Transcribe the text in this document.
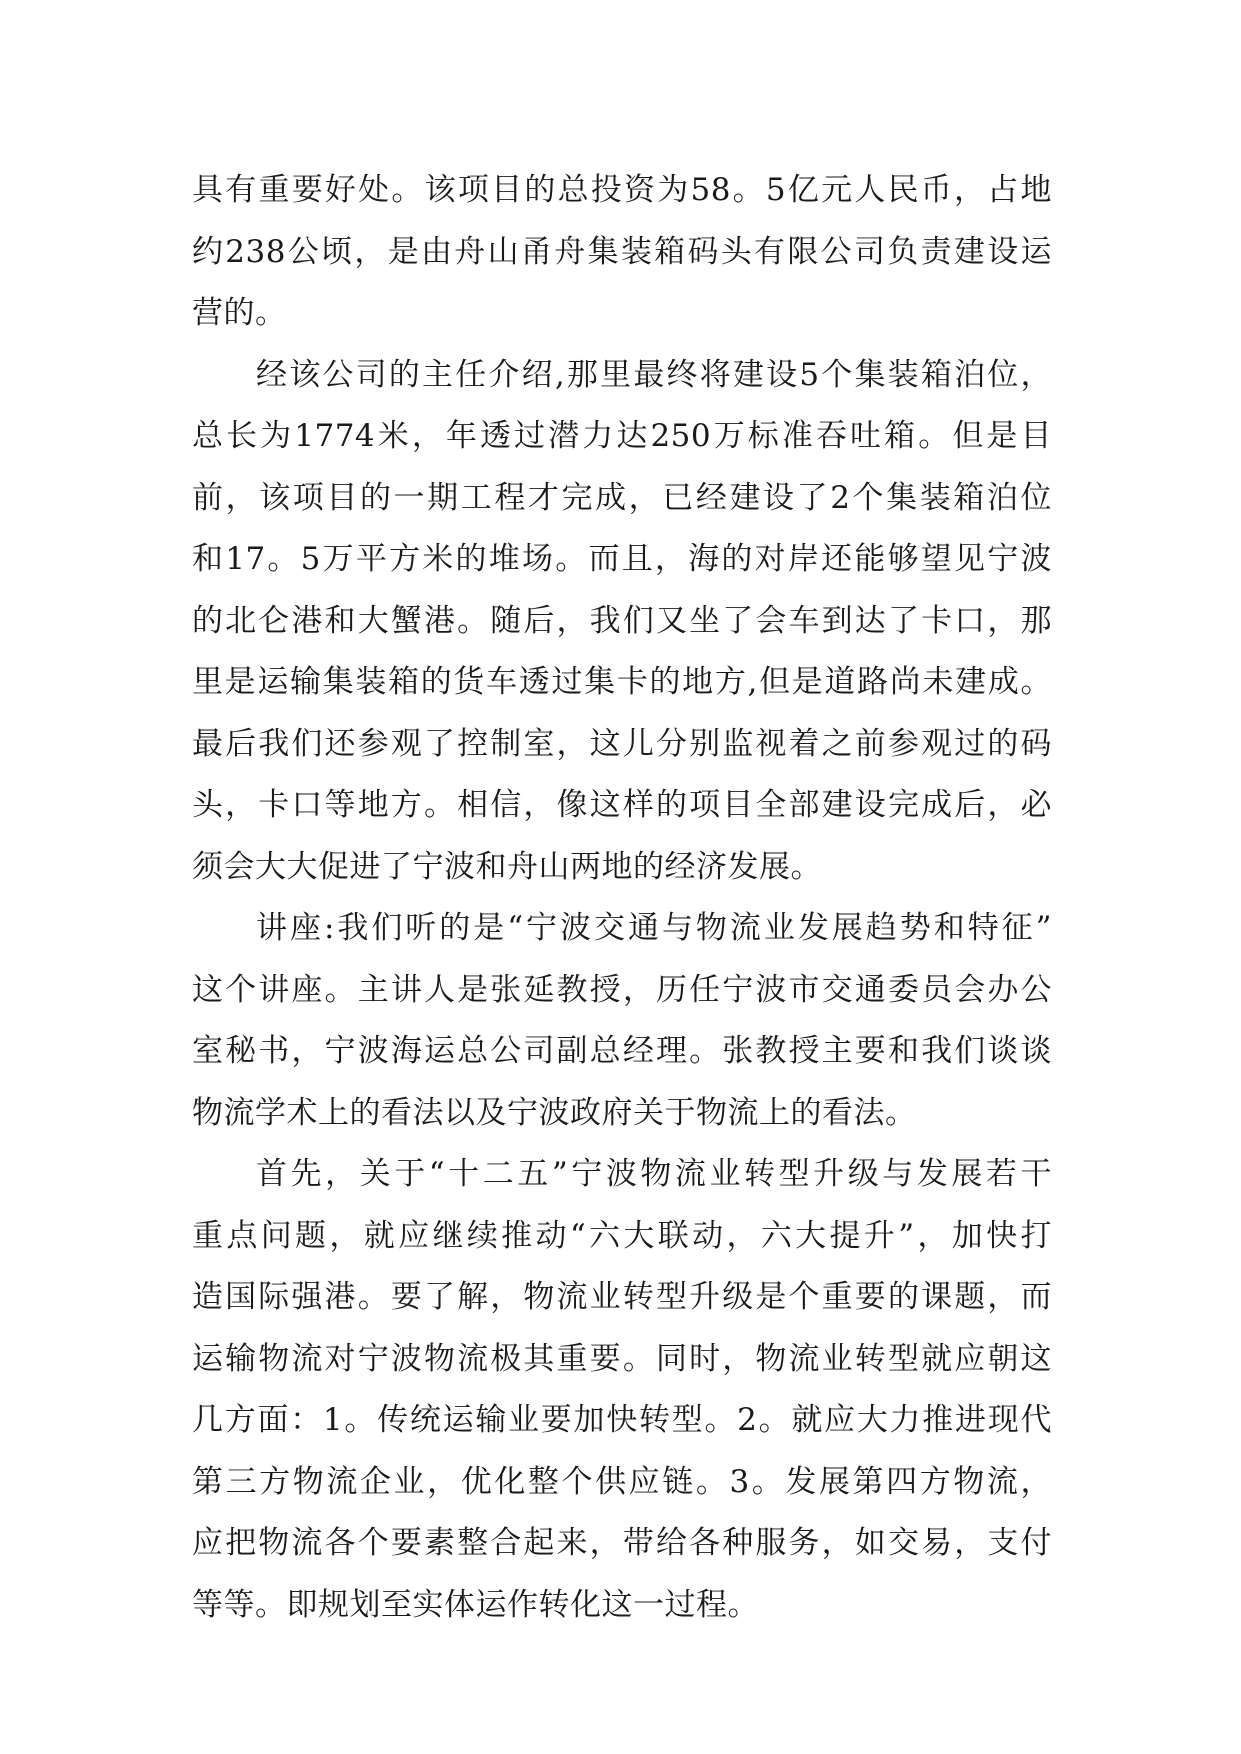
具有重要好处。该项目的总投资为58。5亿元人民币，占地
约238公顷，是由舟山甬舟集装箱码头有限公司负责建设运
营的。
经该公司的主任介绍,那里最终将建设5个集装箱泊位，
总长为1774米，年透过潜力达250万标准吞吐箱。但是目
前，该项目的一期工程才完成，已经建设了2个集装箱泊位
和17。5万平方米的堆场。而且，海的对岸还能够望见宁波
的北仑港和大蟹港。随后，我们又坐了会车到达了卡口，那
里是运输集装箱的货车透过集卡的地方,但是道路尚未建成。
最后我们还参观了控制室，这儿分别监视着之前参观过的码
头，卡口等地方。相信，像这样的项目全部建设完成后，必
须会大大促进了宁波和舟山两地的经济发展。
讲座:我们听的是“宁波交通与物流业发展趋势和特征”
这个讲座。主讲人是张延教授，历任宁波市交通委员会办公
室秘书，宁波海运总公司副总经理。张教授主要和我们谈谈
物流学术上的看法以及宁波政府关于物流上的看法。
首先，关于“十二五”宁波物流业转型升级与发展若干
重点问题，就应继续推动“六大联动，六大提升”，加快打
造国际强港。要了解，物流业转型升级是个重要的课题，而
运输物流对宁波物流极其重要。同时，物流业转型就应朝这
几方面：1。传统运输业要加快转型。2。就应大力推进现代
第三方物流企业，优化整个供应链。3。发展第四方物流，
应把物流各个要素整合起来，带给各种服务，如交易，支付
等等。即规划至实体运作转化这一过程。
